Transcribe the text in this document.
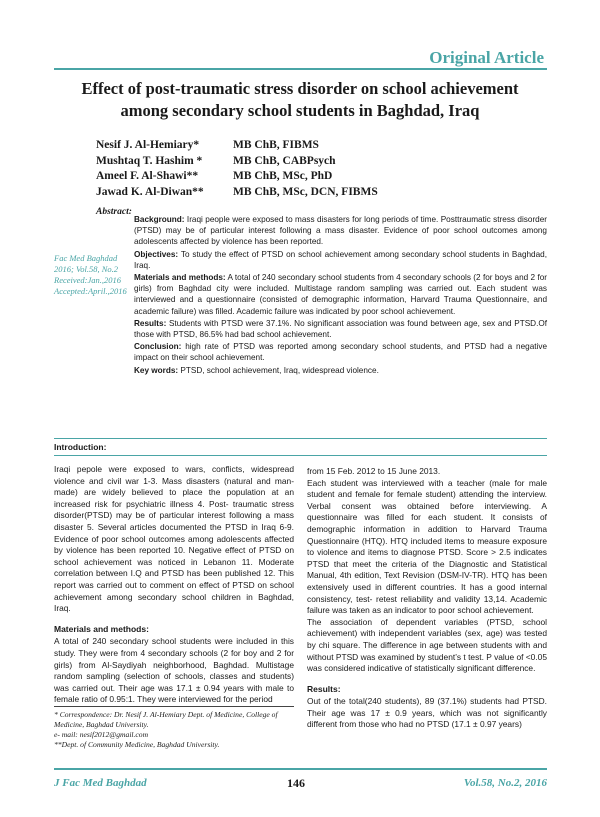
Original Article
Effect of post-traumatic stress disorder on school achievement among secondary school students in Baghdad, Iraq
Nesif J. Al-Hemiary*	MB ChB, FIBMS
Mushtaq T. Hashim *	MB ChB, CABPsych
Ameel F. Al-Shawi**	MB ChB, MSc, PhD
Jawad K. Al-Diwan**	MB ChB, MSc, DCN, FIBMS
Abstract:
Fac Med Baghdad
2016; Vol.58, No.2
Received:Jan.,2016
Accepted:April.,2016

Background: Iraqi people were exposed to mass disasters for long periods of time. Posttraumatic stress disorder (PTSD) may be of particular interest following a mass disaster. Evidence of poor school outcomes among adolescents affected by violence has been reported.

Objectives: To study the effect of PTSD on school achievement among secondary school students in Baghdad, Iraq.

Materials and methods: A total of 240 secondary school students from 4 secondary schools (2 for boys and 2 for girls) from Baghdad city were included. Multistage random sampling was carried out. Each student was interviewed and a questionnaire (consisted of demographic information, Harvard Trauma Questionnaire, and academic failure) was filled. Academic failure was indicated by poor school achievement.

Results: Students with PTSD were 37.1%. No significant association was found between age, sex and PTSD.Of those with PTSD, 86.5% had bad school achievement.

Conclusion: high rate of PTSD was reported among secondary school students, and PTSD had a negative impact on their school achievement.

Key words: PTSD, school achievement, Iraq, widespread violence.

Introduction:

Iraqi pepole were exposed to wars, conflicts, widespread violence and civil war 1-3. Mass disasters (natural and man-made) are widely believed to place the population at an increased risk for psychiatric illness 4. Post- traumatic stress disorder(PTSD) may be of particular interest following a mass disaster 5. Several articles documented the PTSD in Iraq 6-9. Evidence of poor school outcomes among adolescents affected by violence has been reported 10. Negative effect of PTSD on school achievement was noticed in Lebanon 11. Moderate correlation between I.Q and PTSD has been published 12. This report was carried out to comment on effect of PTSD on school achievement among secondary school children in Baghdad, Iraq.

Materials and methods:

A total of 240 secondary school students were included in this study. They were from 4 secondary schools (2 for boy and 2 for girls) from Al-Saydiyah neighborhood, Baghdad. Multistage random sampling (selection of schools, classes and students) was carried out. Their age was 17.1 ± 0.94 years with male to female ratio of 0.95:1. They were interviewed for the period

from 15 Feb. 2012 to 15 June 2013.

Each student was interviewed with a teacher (male for male student and female for female student) attending the interview. Verbal consent was obtained before interviewing. A questionnaire was filled for each student. It consists of demographic information in addition to Harvard Trauma Questionnaire (HTQ). HTQ included items to measure exposure to violence and items to diagnose PTSD. Score > 2.5 indicates PTSD that meet the criteria of the Diagnostic and Statistical Manual, 4th edition, Text Revision (DSM-IV-TR). HTQ has been extensively used in different countries. It has a good internal consistency, test- retest reliability and validity 13,14. Academic failure was taken as an indicator to poor school achievement.

The association of dependent variables (PTSD, school achievement) with independent variables (sex, age) was tested by chi square. The difference in age between students with and without PTSD was examined by student’s t test. P value of <0.05 was considered indicative of statistically significant difference.

Results:

Out of the total(240 students), 89 (37.1%) students had PTSD. Their age was 17 ± 0.9 years, which was not significantly different from those who had no PTSD (17.1 ± 0.97 years)

* Correspondence: Dr. Nesif J. Al-Hemiary Dept. of Medicine, College of Medicine, Baghdad University.

e- mail: nesif2012@gmail.com

**Dept. of Community Medicine, Baghdad University.

J Fac Med Baghdad	146	Vol.58, No.2, 2016
